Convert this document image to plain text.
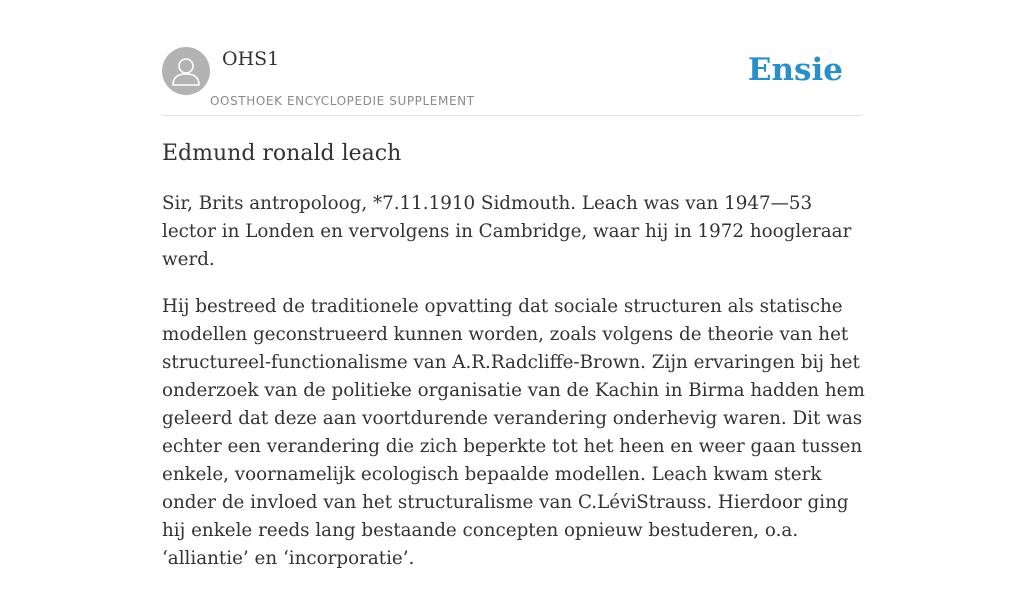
OHS1
OOSTHOEK ENCYCLOPEDIE SUPPLEMENT
Ensie
Edmund ronald leach

Sir, Brits antropoloog, *7.11.1910 Sidmouth. Leach was van 1947—53 lector in Londen en vervolgens in Cambridge, waar hij in 1972 hoogleraar werd.

Hij bestreed de traditionele opvatting dat sociale structuren als statische modellen geconstrueerd kunnen worden, zoals volgens de theorie van het structureel-functionalisme van A.R.Radcliffe-Brown. Zijn ervaringen bij het onderzoek van de politieke organisatie van de Kachin in Birma hadden hem geleerd dat deze aan voortdurende verandering onderhevig waren. Dit was echter een verandering die zich beperkte tot het heen en weer gaan tussen enkele, voornamelijk ecologisch bepaalde modellen. Leach kwam sterk onder de invloed van het structuralisme van C.LéviStrauss. Hierdoor ging hij enkele reeds lang bestaande concepten opnieuw bestuderen, o.a. ‘alliantie’ en ‘incorporatie’.
